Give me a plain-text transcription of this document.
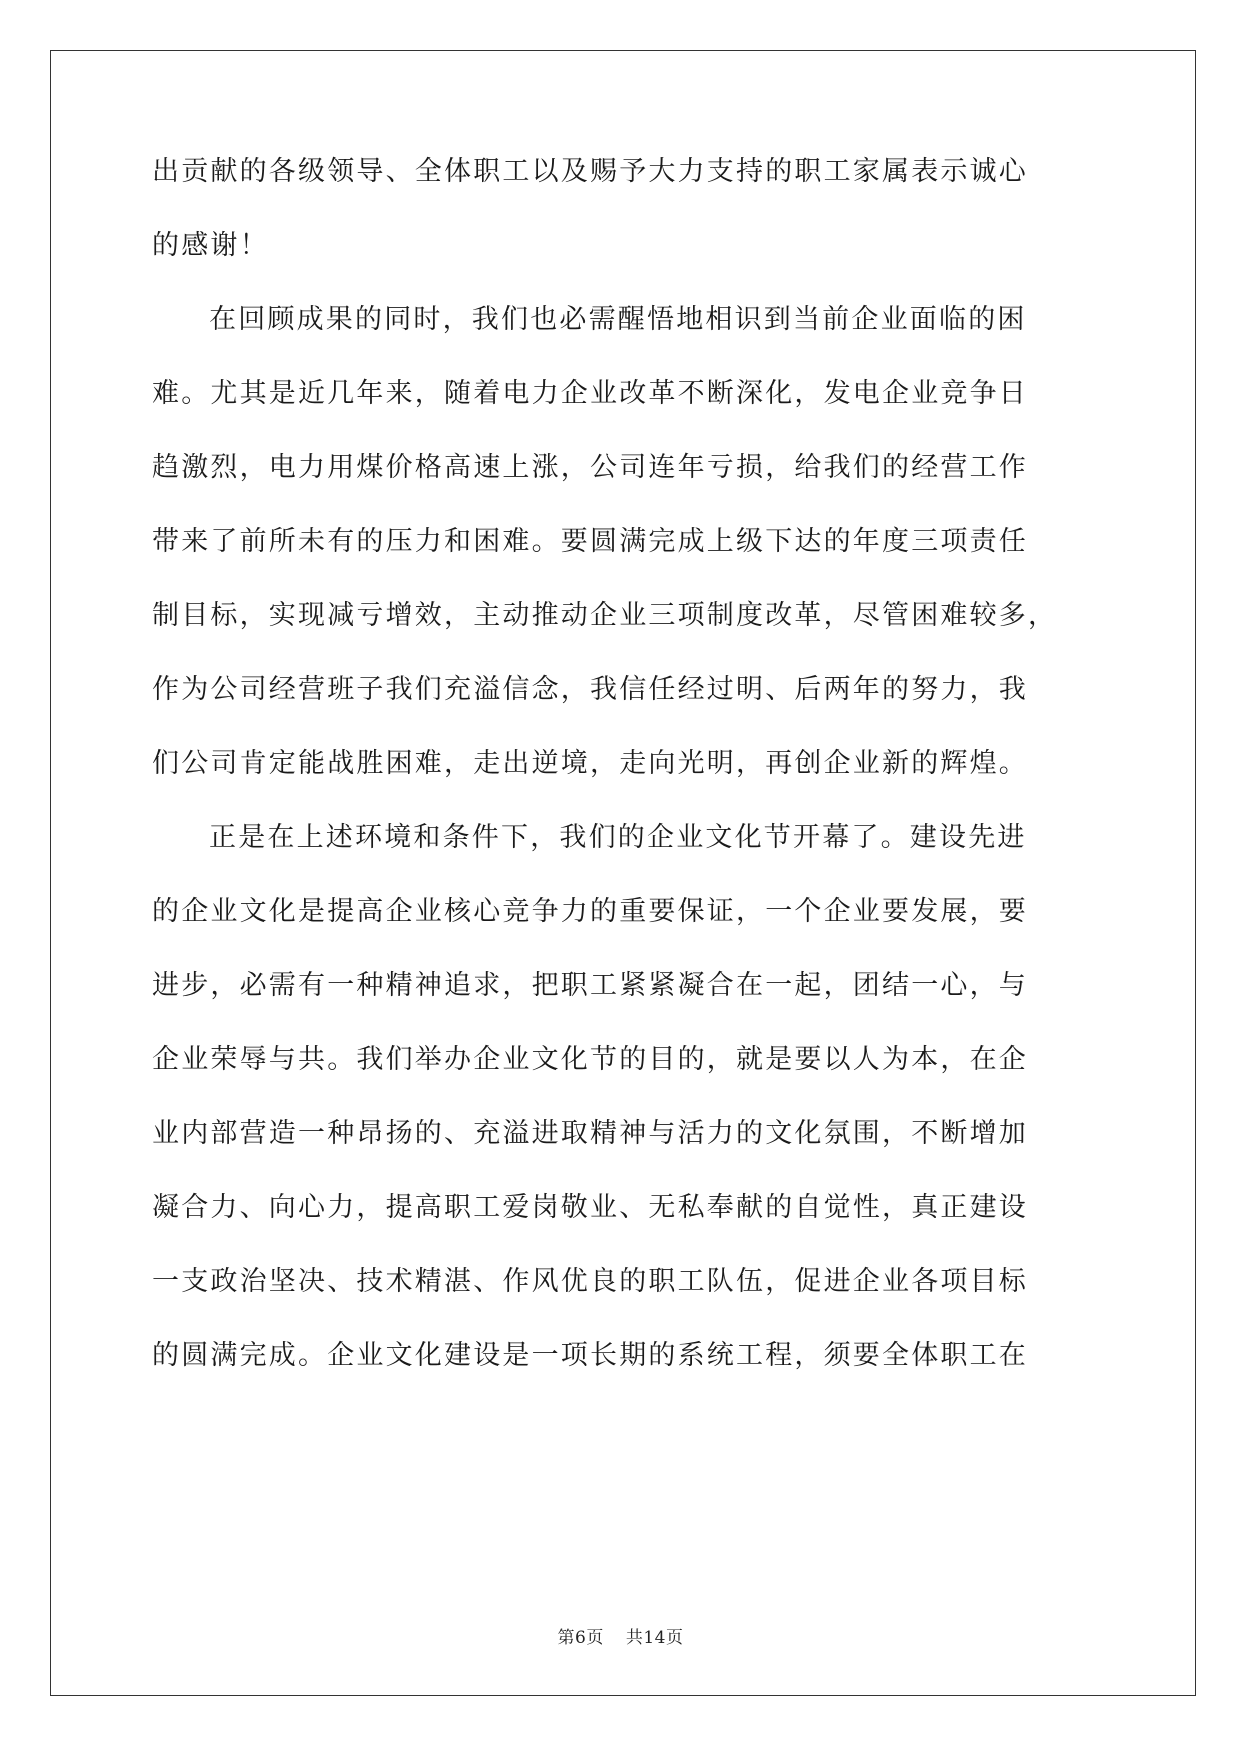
出贡献的各级领导、全体职工以及赐予大力支持的职工家属表示诚心
的感谢！
在回顾成果的同时，我们也必需醒悟地相识到当前企业面临的困
难。尤其是近几年来，随着电力企业改革不断深化，发电企业竞争日
趋激烈，电力用煤价格高速上涨，公司连年亏损，给我们的经营工作
带来了前所未有的压力和困难。要圆满完成上级下达的年度三项责任
制目标，实现减亏增效，主动推动企业三项制度改革，尽管困难较多，
作为公司经营班子我们充溢信念，我信任经过明、后两年的努力，我
们公司肯定能战胜困难，走出逆境，走向光明，再创企业新的辉煌。
正是在上述环境和条件下，我们的企业文化节开幕了。建设先进
的企业文化是提高企业核心竞争力的重要保证，一个企业要发展，要
进步，必需有一种精神追求，把职工紧紧凝合在一起，团结一心，与
企业荣辱与共。我们举办企业文化节的目的，就是要以人为本，在企
业内部营造一种昂扬的、充溢进取精神与活力的文化氛围，不断增加
凝合力、向心力，提高职工爱岗敬业、无私奉献的自觉性，真正建设
一支政治坚决、技术精湛、作风优良的职工队伍，促进企业各项目标
的圆满完成。企业文化建设是一项长期的系统工程，须要全体职工在
第6页 共14页
